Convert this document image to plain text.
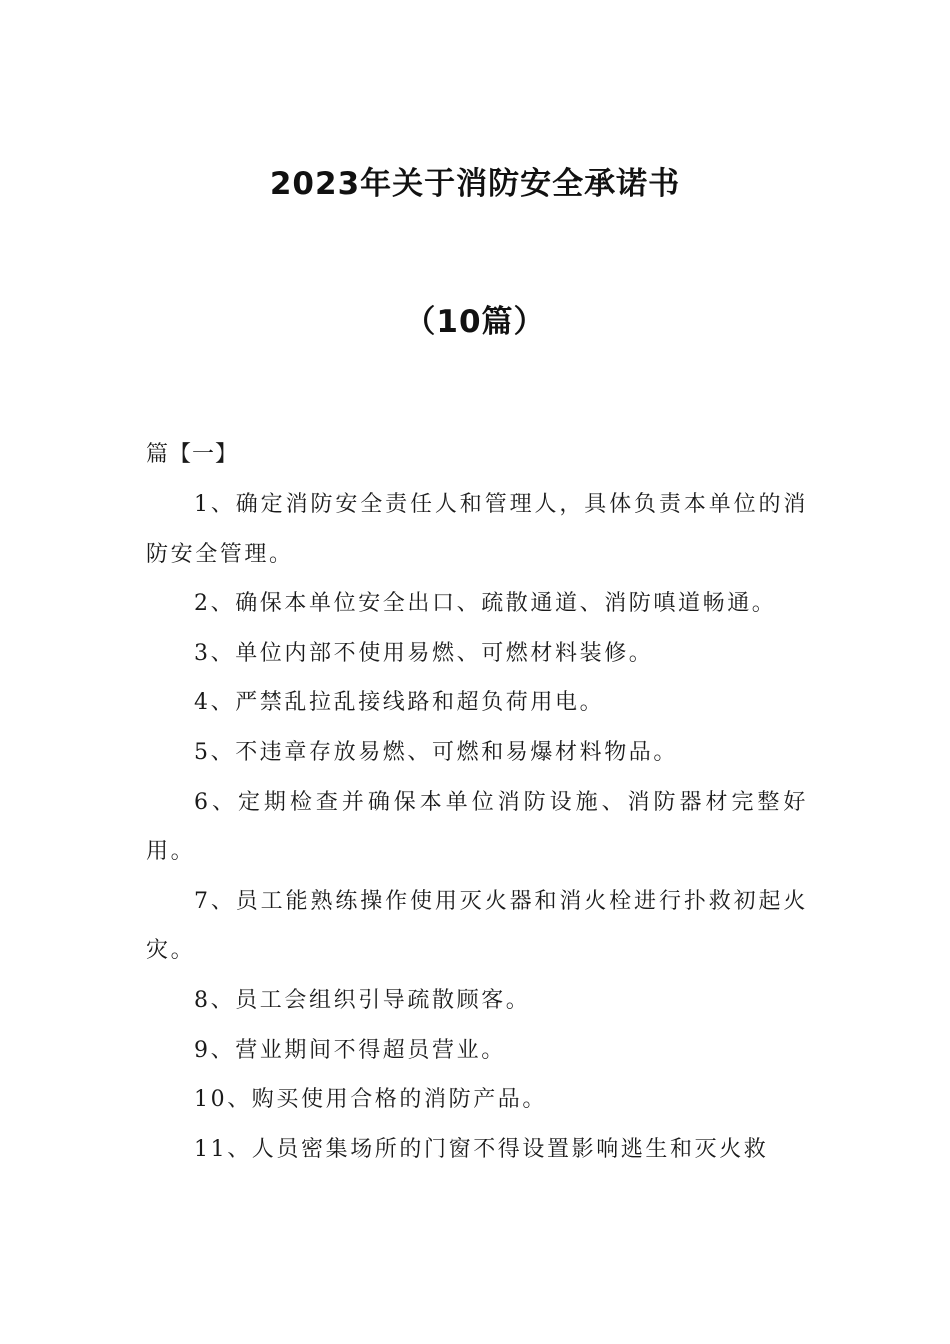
2023年关于消防安全承诺书
（10篇）
篇【一】
1、确定消防安全责任人和管理人，具体负责本单位的消防安全管理。
2、确保本单位安全出口、疏散通道、消防嗔道畅通。
3、单位内部不使用易燃、可燃材料装修。
4、严禁乱拉乱接线路和超负荷用电。
5、不违章存放易燃、可燃和易爆材料物品。
6、定期检查并确保本单位消防设施、消防器材完整好用。
7、员工能熟练操作使用灭火器和消火栓进行扑救初起火灾。
8、员工会组织引导疏散顾客。
9、营业期间不得超员营业。
10、购买使用合格的消防产品。
11、人员密集场所的门窗不得设置影响逃生和灭火救
